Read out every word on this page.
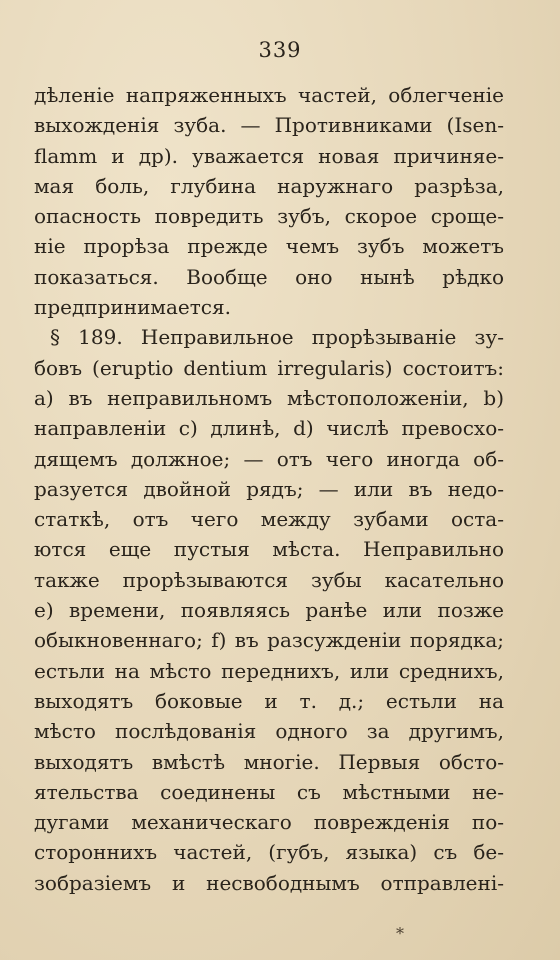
339
дѣленіе напряженныхъ частей, облегченіе
выхожденія зуба. — Противниками (Isen-
flamm и др). уважается новая причиняе-
мая боль, глубина наружнаго разрѣза,
опасность повредить зубъ, скорое сроще-
ніе прорѣза прежде чемъ зубъ можетъ
показаться. Вообще оно нынѣ рѣдко
предпринимается.
§ 189. Неправильное прорѣзываніе зу-
бовъ (eruptio dentium irregularis) состоитъ:
a) въ неправильномъ мѣстоположеніи, b)
направленіи c) длинѣ, d) числѣ превосхо-
дящемъ должное; — отъ чего иногда об-
разуется двойной рядъ; — или въ недо-
статкѣ, отъ чего между зубами оста-
ются еще пустыя мѣста. Неправильно
также прорѣзываются зубы касательно
e) времени, появляясь ранѣе или позже
обыкновеннаго; f) въ разсужденіи порядка;
естьли на мѣсто переднихъ, или среднихъ,
выходятъ боковые и т. д.; естьли на
мѣсто послѣдованія одного за другимъ,
выходятъ вмѣстѣ многіе. Первыя обсто-
ятельства соединены съ мѣстными не-
дугами механическаго поврежденія по-
стороннихъ частей, (губъ, языка) съ бе-
зобразіемъ и несвободнымъ отправлені-
*
